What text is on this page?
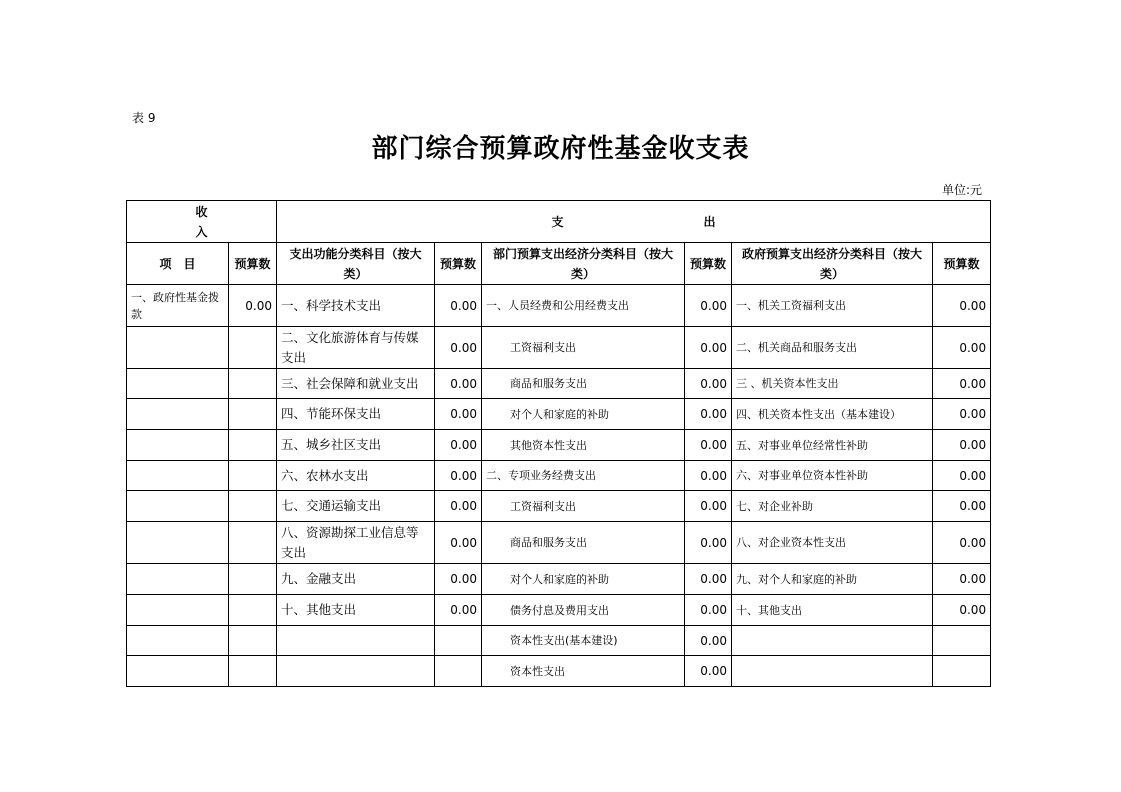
表 9
部门综合预算政府性基金收支表
单位:元
收
入		支 出					
项　目	预算数	支出功能分类科目（按大类）	预算数	部门预算支出经济分类科目（按大类）	预算数	政府预算支出经济分类科目（按大类）	预算数
一、政府性基金拨款	0.00	一、科学技术支出	0.00	一、人员经费和公用经费支出	0.00	一、机关工资福利支出	0.00
		二、文化旅游体育与传媒支出	0.00	工资福利支出	0.00	二、机关商品和服务支出	0.00
		三、社会保障和就业支出	0.00	商品和服务支出	0.00	三 、机关资本性支出	0.00
		四、节能环保支出	0.00	对个人和家庭的补助	0.00	四、机关资本性支出（基本建设）	0.00
		五、城乡社区支出	0.00	其他资本性支出	0.00	五、对事业单位经常性补助	0.00
		六、农林水支出	0.00	二、专项业务经费支出	0.00	六、对事业单位资本性补助	0.00
		七、交通运输支出	0.00	工资福利支出	0.00	七、对企业补助	0.00
		八、资源勘探工业信息等支出	0.00	商品和服务支出	0.00	八、对企业资本性支出	0.00
		九、金融支出	0.00	对个人和家庭的补助	0.00	九、对个人和家庭的补助	0.00
		十、其他支出	0.00	债务付息及费用支出	0.00	十、其他支出	0.00
				资本性支出(基本建设)	0.00		
				资本性支出	0.00		
